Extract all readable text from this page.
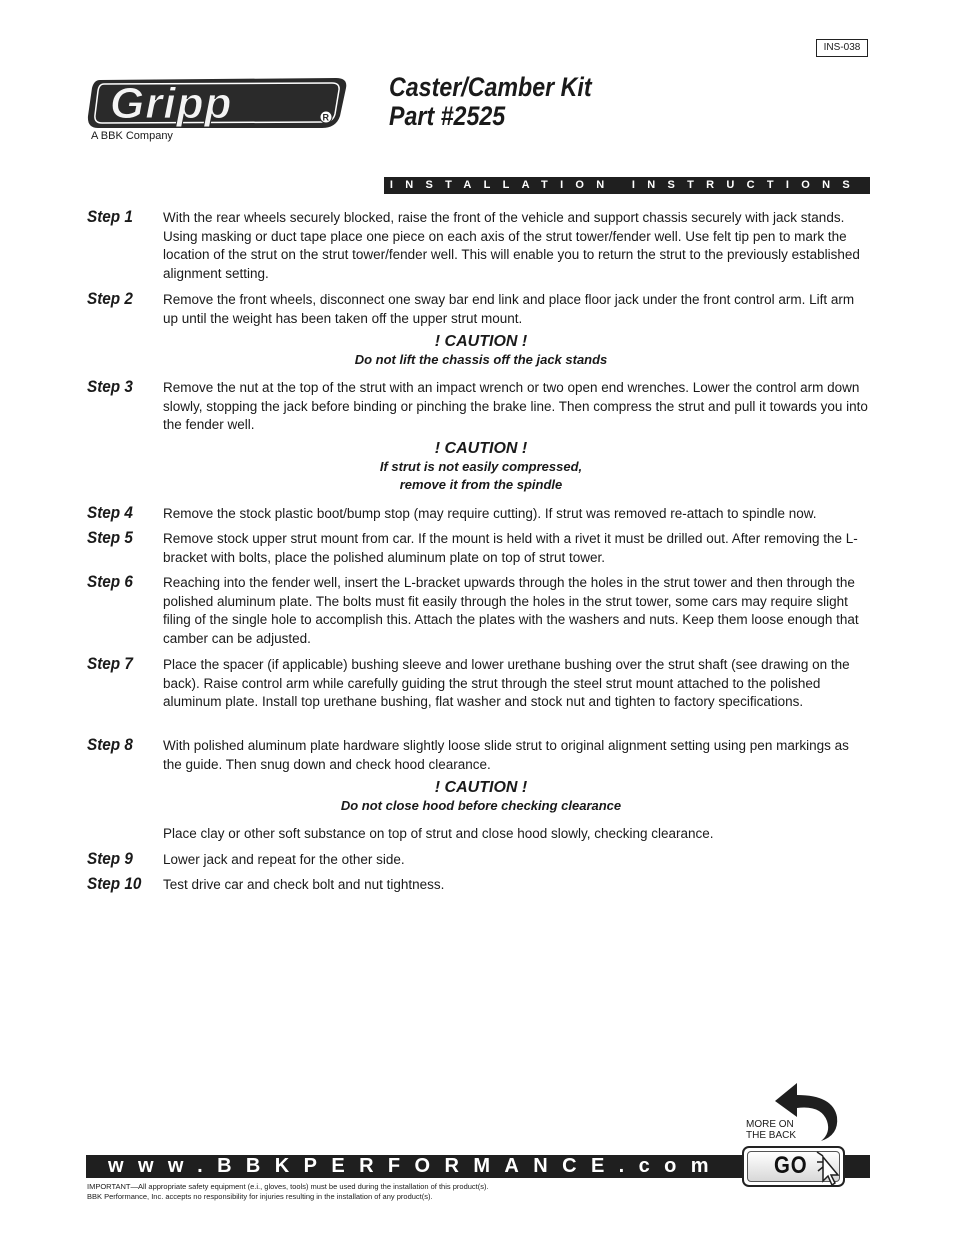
INS-038
Gripp	R
A BBK Company
Caster/Camber Kit
Part #2525
INSTALLATION INSTRUCTIONS
Step 1 With the rear wheels securely blocked, raise the front of the vehicle and support chassis securely with jack stands. Using masking or duct tape place one piece on each axis of the strut tower/fender well. Use felt tip pen to mark the location of the strut on the strut tower/fender well. This will enable you to return the strut to the previously established alignment setting.
Step 2 Remove the front wheels, disconnect one sway bar end link and place floor jack under the front control arm. Lift arm up until the weight has been taken off the upper strut mount.
! CAUTION !
Do not lift the chassis off the jack stands
Step 3 Remove the nut at the top of the strut with an impact wrench or two open end wrenches. Lower the control arm down slowly, stopping the jack before binding or pinching the brake line. Then compress the strut and pull it towards you into the fender well.
! CAUTION !
If strut is not easily compressed,
remove it from the spindle
Step 4 Remove the stock plastic boot/bump stop (may require cutting). If strut was removed re-attach to spindle now.
Step 5 Remove stock upper strut mount from car. If the mount is held with a rivet it must be drilled out. After removing the L-bracket with bolts, place the polished aluminum plate on top of strut tower.
Step 6 Reaching into the fender well, insert the L-bracket upwards through the holes in the strut tower and then through the polished aluminum plate. The bolts must fit easily through the holes in the strut tower, some cars may require slight filing of the single hole to accomplish this. Attach the plates with the washers and nuts. Keep them loose enough that camber can be adjusted.
Step 7 Place the spacer (if applicable) bushing sleeve and lower urethane bushing over the strut shaft (see drawing on the back). Raise control arm while carefully guiding the strut through the steel strut mount attached to the polished aluminum plate. Install top urethane bushing, flat washer and stock nut and tighten to factory specifications.
Step 8 With polished aluminum plate hardware slightly loose slide strut to original alignment setting using pen markings as the guide. Then snug down and check hood clearance.
! CAUTION !
Do not close hood before checking clearance
Place clay or other soft substance on top of strut and close hood slowly, checking clearance.
Step 9 Lower jack and repeat for the other side.
Step 10 Test drive car and check bolt and nut tightness.
MORE ON
THE BACK
www.BBKPERFORMANCE.com GO
IMPORTANT—All appropriate safety equipment (e.i., gloves, tools) must be used during the installation of this product(s).
BBK Performance, Inc. accepts no responsibility for injuries resulting in the installation of any product(s).
